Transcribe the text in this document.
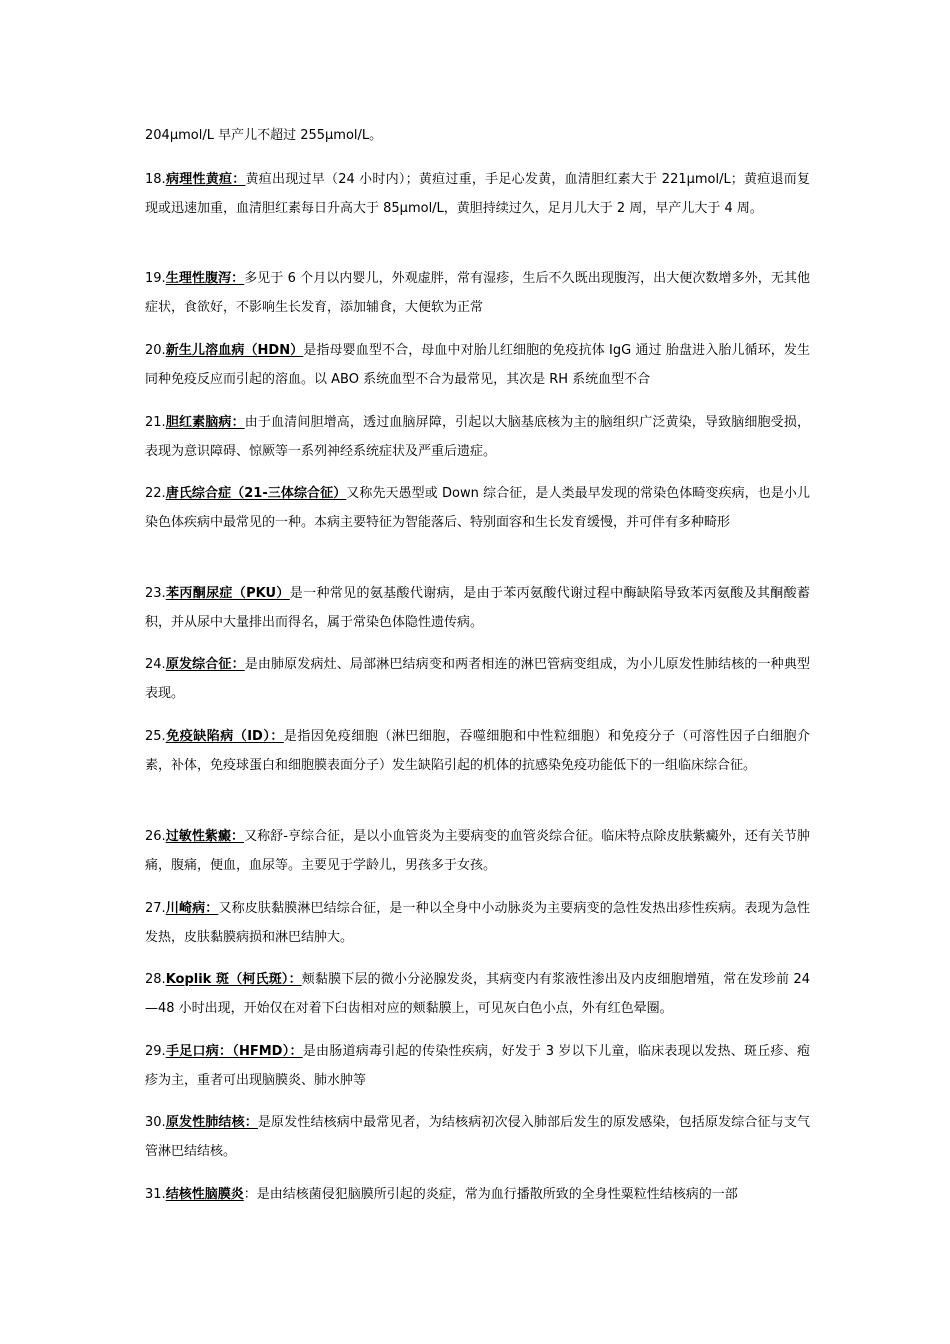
204μmol/L 早产儿不超过 255μmol/L。

18.病理性黄疸：黄疸出现过早（24 小时内）；黄疸过重，手足心发黄，血清胆红素大于 221μmol/L；黄疸退而复现或迅速加重，血清胆红素每日升高大于 85μmol/L，黄胆持续过久，足月儿大于 2 周，早产儿大于 4 周。

19.生理性腹泻：多见于 6 个月以内婴儿，外观虚胖，常有湿疹，生后不久既出现腹泻，出大便次数增多外，无其他症状，食欲好，不影响生长发育，添加辅食，大便软为正常

20.新生儿溶血病（HDN）是指母婴血型不合，母血中对胎儿红细胞的免疫抗体 IgG 通过 胎盘进入胎儿循环，发生同种免疫反应而引起的溶血。以 ABO 系统血型不合为最常见，其次是 RH 系统血型不合

21.胆红素脑病：由于血清间胆增高，透过血脑屏障，引起以大脑基底核为主的脑组织广泛黄染，导致脑细胞受损，表现为意识障碍、惊厥等一系列神经系统症状及严重后遗症。

22.唐氏综合症（21-三体综合征）又称先天愚型或 Down 综合征，是人类最早发现的常染色体畸变疾病，也是小儿染色体疾病中最常见的一种。本病主要特征为智能落后、特别面容和生长发育缓慢，并可伴有多种畸形

23.苯丙酮尿症（PKU）是一种常见的氨基酸代谢病，是由于苯丙氨酸代谢过程中酶缺陷导致苯丙氨酸及其酮酸蓄积，并从尿中大量排出而得名，属于常染色体隐性遗传病。

24.原发综合征：是由肺原发病灶、局部淋巴结病变和两者相连的淋巴管病变组成，为小儿原发性肺结核的一种典型表现。

25.免疫缺陷病（ID）：是指因免疫细胞（淋巴细胞，吞噬细胞和中性粒细胞）和免疫分子（可溶性因子白细胞介素，补体，免疫球蛋白和细胞膜表面分子）发生缺陷引起的机体的抗感染免疫功能低下的一组临床综合征。

26.过敏性紫癜：又称舒-亨综合征，是以小血管炎为主要病变的血管炎综合征。临床特点除皮肤紫癜外，还有关节肿痛，腹痛，便血，血尿等。主要见于学龄儿，男孩多于女孩。

27.川崎病：又称皮肤黏膜淋巴结综合征，是一种以全身中小动脉炎为主要病变的急性发热出疹性疾病。表现为急性发热，皮肤黏膜病损和淋巴结肿大。

28.Koplik 斑（柯氏斑）：颊黏膜下层的微小分泌腺发炎，其病变内有浆液性渗出及内皮细胞增殖，常在发珍前 24—48 小时出现，开始仅在对着下臼齿相对应的颊黏膜上，可见灰白色小点，外有红色晕圈。

29.手足口病：（HFMD）：是由肠道病毒引起的传染性疾病，好发于 3 岁以下儿童，临床表现以发热、斑丘疹、疱疹为主，重者可出现脑膜炎、肺水肿等

30.原发性肺结核：是原发性结核病中最常见者，为结核病初次侵入肺部后发生的原发感染，包括原发综合征与支气管淋巴结结核。

31.结核性脑膜炎：是由结核菌侵犯脑膜所引起的炎症，常为血行播散所致的全身性粟粒性结核病的一部
